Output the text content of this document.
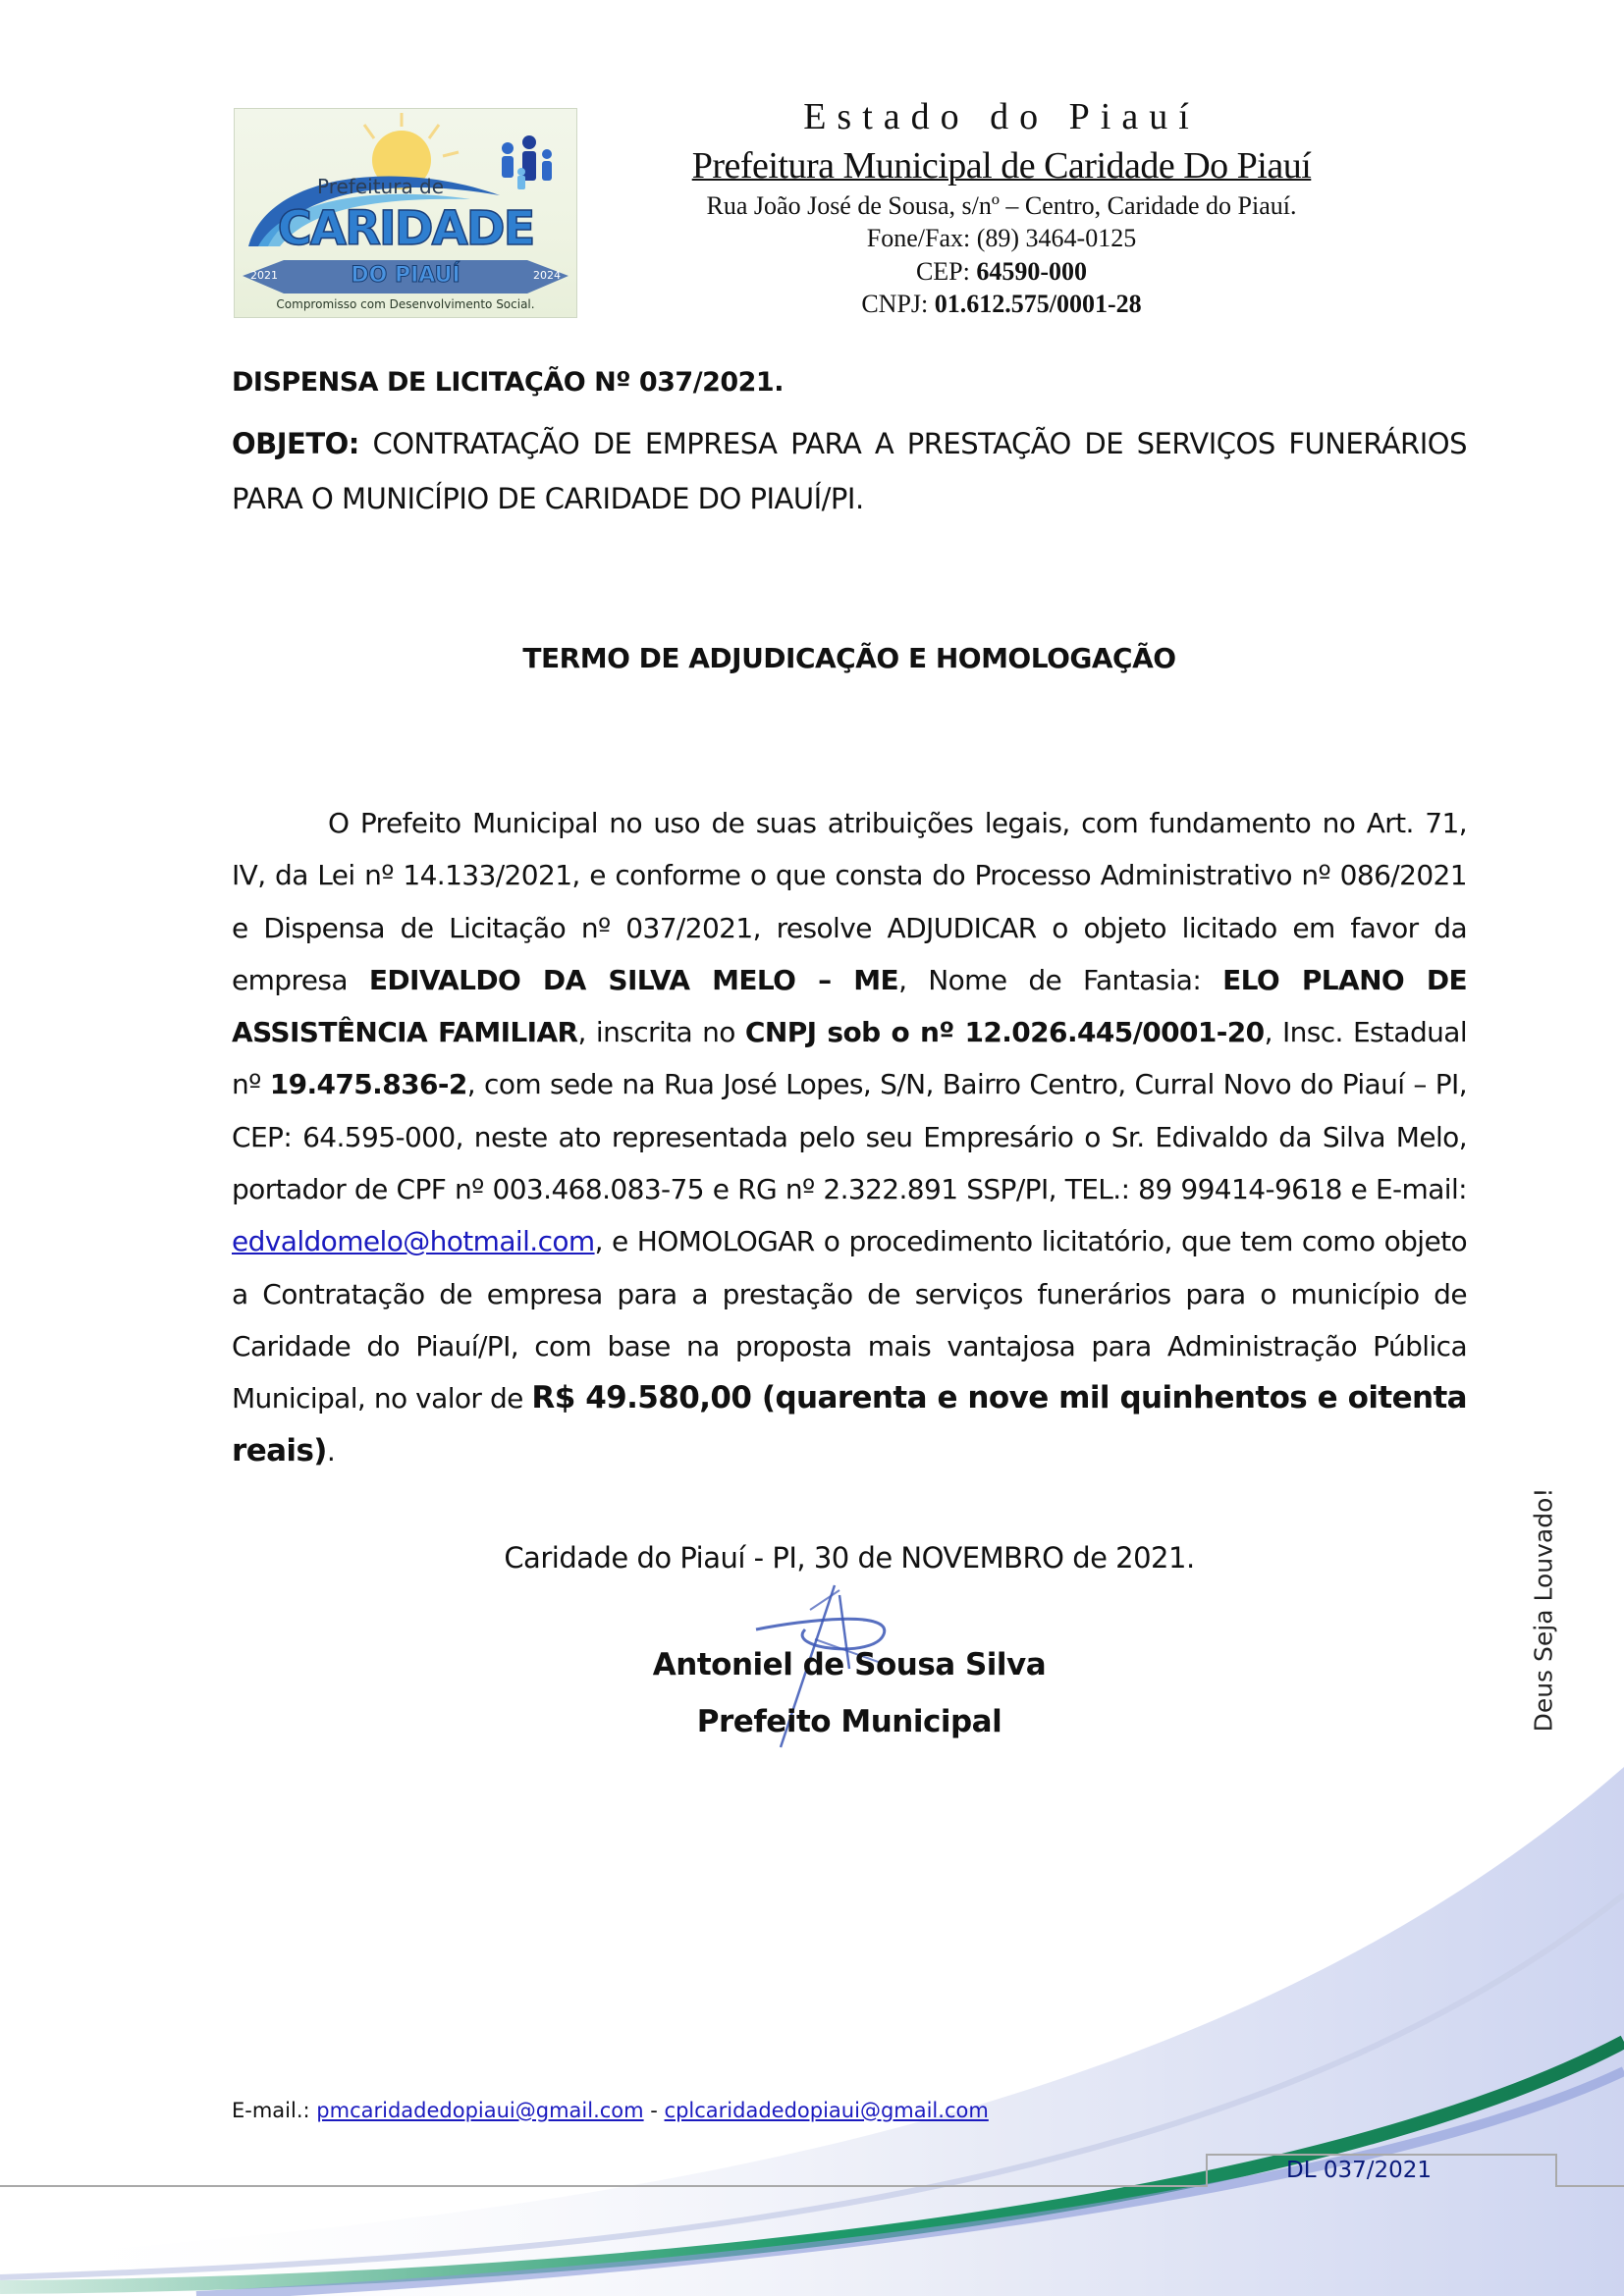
Prefeitura de
CARIDADE
2021	DO PIAUÍ	2024
Compromisso com Desenvolvimento Social.
Estado do Piauí
Prefeitura Municipal de Caridade Do Piauí
Rua João José de Sousa, s/nº – Centro, Caridade do Piauí.
Fone/Fax: (89) 3464-0125
CEP: 64590-000
CNPJ: 01.612.575/0001-28
DISPENSA DE LICITAÇÃO Nº 037/2021.
OBJETO: CONTRATAÇÃO DE EMPRESA PARA A PRESTAÇÃO DE SERVIÇOS FUNERÁRIOS PARA O MUNICÍPIO DE CARIDADE DO PIAUÍ/PI.
TERMO DE ADJUDICAÇÃO E HOMOLOGAÇÃO
O Prefeito Municipal no uso de suas atribuições legais, com fundamento no Art. 71, IV, da Lei nº 14.133/2021, e conforme o que consta do Processo Administrativo nº 086/2021 e Dispensa de Licitação nº 037/2021, resolve ADJUDICAR o objeto licitado em favor da empresa EDIVALDO DA SILVA MELO – ME, Nome de Fantasia: ELO PLANO DE ASSISTÊNCIA FAMILIAR, inscrita no CNPJ sob o nº 12.026.445/0001-20, Insc. Estadual nº 19.475.836-2, com sede na Rua José Lopes, S/N, Bairro Centro, Curral Novo do Piauí – PI, CEP: 64.595-000, neste ato representada pelo seu Empresário o Sr. Edivaldo da Silva Melo, portador de CPF nº 003.468.083-75 e RG nº 2.322.891 SSP/PI, TEL.: 89 99414-9618 e E-mail: edvaldomelo@hotmail.com, e HOMOLOGAR o procedimento licitatório, que tem como objeto a Contratação de empresa para a prestação de serviços funerários para o município de Caridade do Piauí/PI, com base na proposta mais vantajosa para Administração Pública Municipal, no valor de R$ 49.580,00 (quarenta e nove mil quinhentos e oitenta reais).
Caridade do Piauí - PI, 30 de NOVEMBRO de 2021.
Antoniel de Sousa Silva
Prefeito Municipal	Deus Seja Louvado!
E-mail.: pmcaridadedopiaui@gmail.com - cplcaridadedopiaui@gmail.com
DL 037/2021
